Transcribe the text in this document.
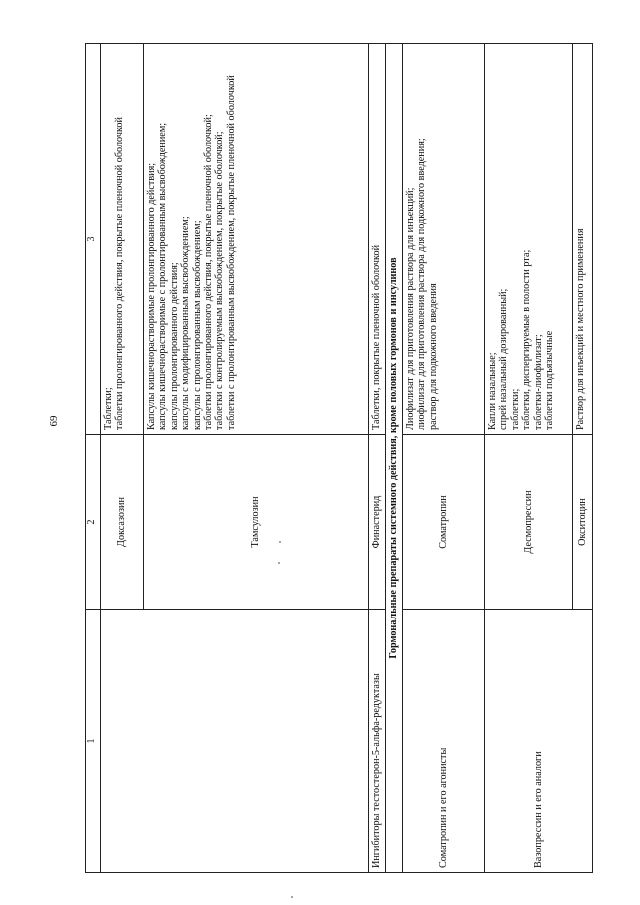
69
1
2
3
Доксазозин
Таблетки; таблетки пролонгированного действия, покрытые пленочной оболочкой
Тамсулозин
Капсулы кишечнорастворимые пролонгированного действия; капсулы кишечнорастворимые с пролонгированным высвобождением; капсулы пролонгированного действия; капсулы с модифицированным высвобождением; капсулы с пролонгированным высвобождением; таблетки пролонгированного действия, покрытые пленочной оболочкой; таблетки с контролируемым высвобождением, покрытые оболочкой; таблетки с пролонгированным высвобождением, покрытые пленочной оболочкой
Ингибиторы тестостерон-5-альфа-редуктазы
Финастерид
Таблетки, покрытые пленочной оболочкой Гормональные препараты системного действия, кроме половых гормонов и инсулинов
Соматропин и его агонисты
Соматропин
Лиофилизат для приготовления раствора для инъекций; лиофилизат для приготовления раствора для подкожного введения; раствор для подкожного введения
Вазопрессин и его аналоги
Десмопрессин
Капли назальные; спрей назальный дозированный; таблетки; таблетки, диспергируемые в полости рта; таблетки-лиофилизат; таблетки подъязычные
Окситоцин
Раствор для инъекций и местного применения
